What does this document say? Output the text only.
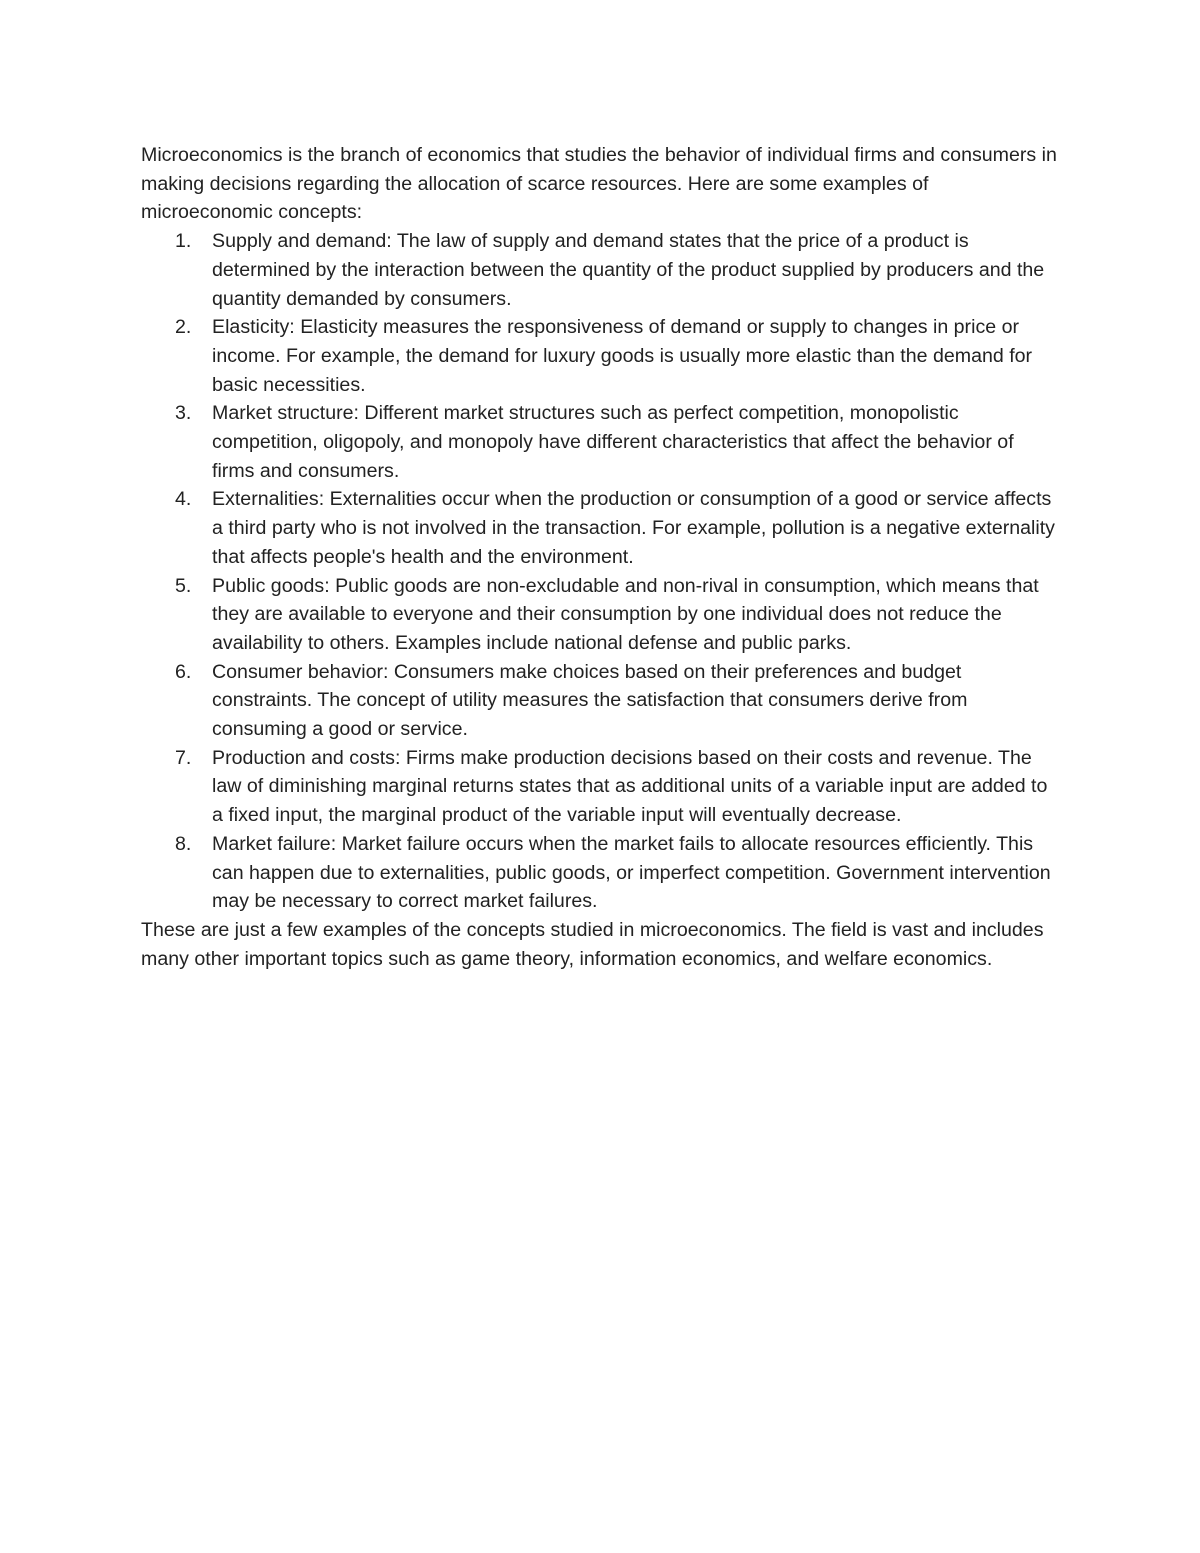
Microeconomics is the branch of economics that studies the behavior of individual firms and consumers in making decisions regarding the allocation of scarce resources. Here are some examples of microeconomic concepts:

1. Supply and demand: The law of supply and demand states that the price of a product is determined by the interaction between the quantity of the product supplied by producers and the quantity demanded by consumers.
2. Elasticity: Elasticity measures the responsiveness of demand or supply to changes in price or income. For example, the demand for luxury goods is usually more elastic than the demand for basic necessities.
3. Market structure: Different market structures such as perfect competition, monopolistic competition, oligopoly, and monopoly have different characteristics that affect the behavior of firms and consumers.
4. Externalities: Externalities occur when the production or consumption of a good or service affects a third party who is not involved in the transaction. For example, pollution is a negative externality that affects people's health and the environment.
5. Public goods: Public goods are non-excludable and non-rival in consumption, which means that they are available to everyone and their consumption by one individual does not reduce the availability to others. Examples include national defense and public parks.
6. Consumer behavior: Consumers make choices based on their preferences and budget constraints. The concept of utility measures the satisfaction that consumers derive from consuming a good or service.
7. Production and costs: Firms make production decisions based on their costs and revenue. The law of diminishing marginal returns states that as additional units of a variable input are added to a fixed input, the marginal product of the variable input will eventually decrease.
8. Market failure: Market failure occurs when the market fails to allocate resources efficiently. This can happen due to externalities, public goods, or imperfect competition. Government intervention may be necessary to correct market failures.

These are just a few examples of the concepts studied in microeconomics. The field is vast and includes many other important topics such as game theory, information economics, and welfare economics.
